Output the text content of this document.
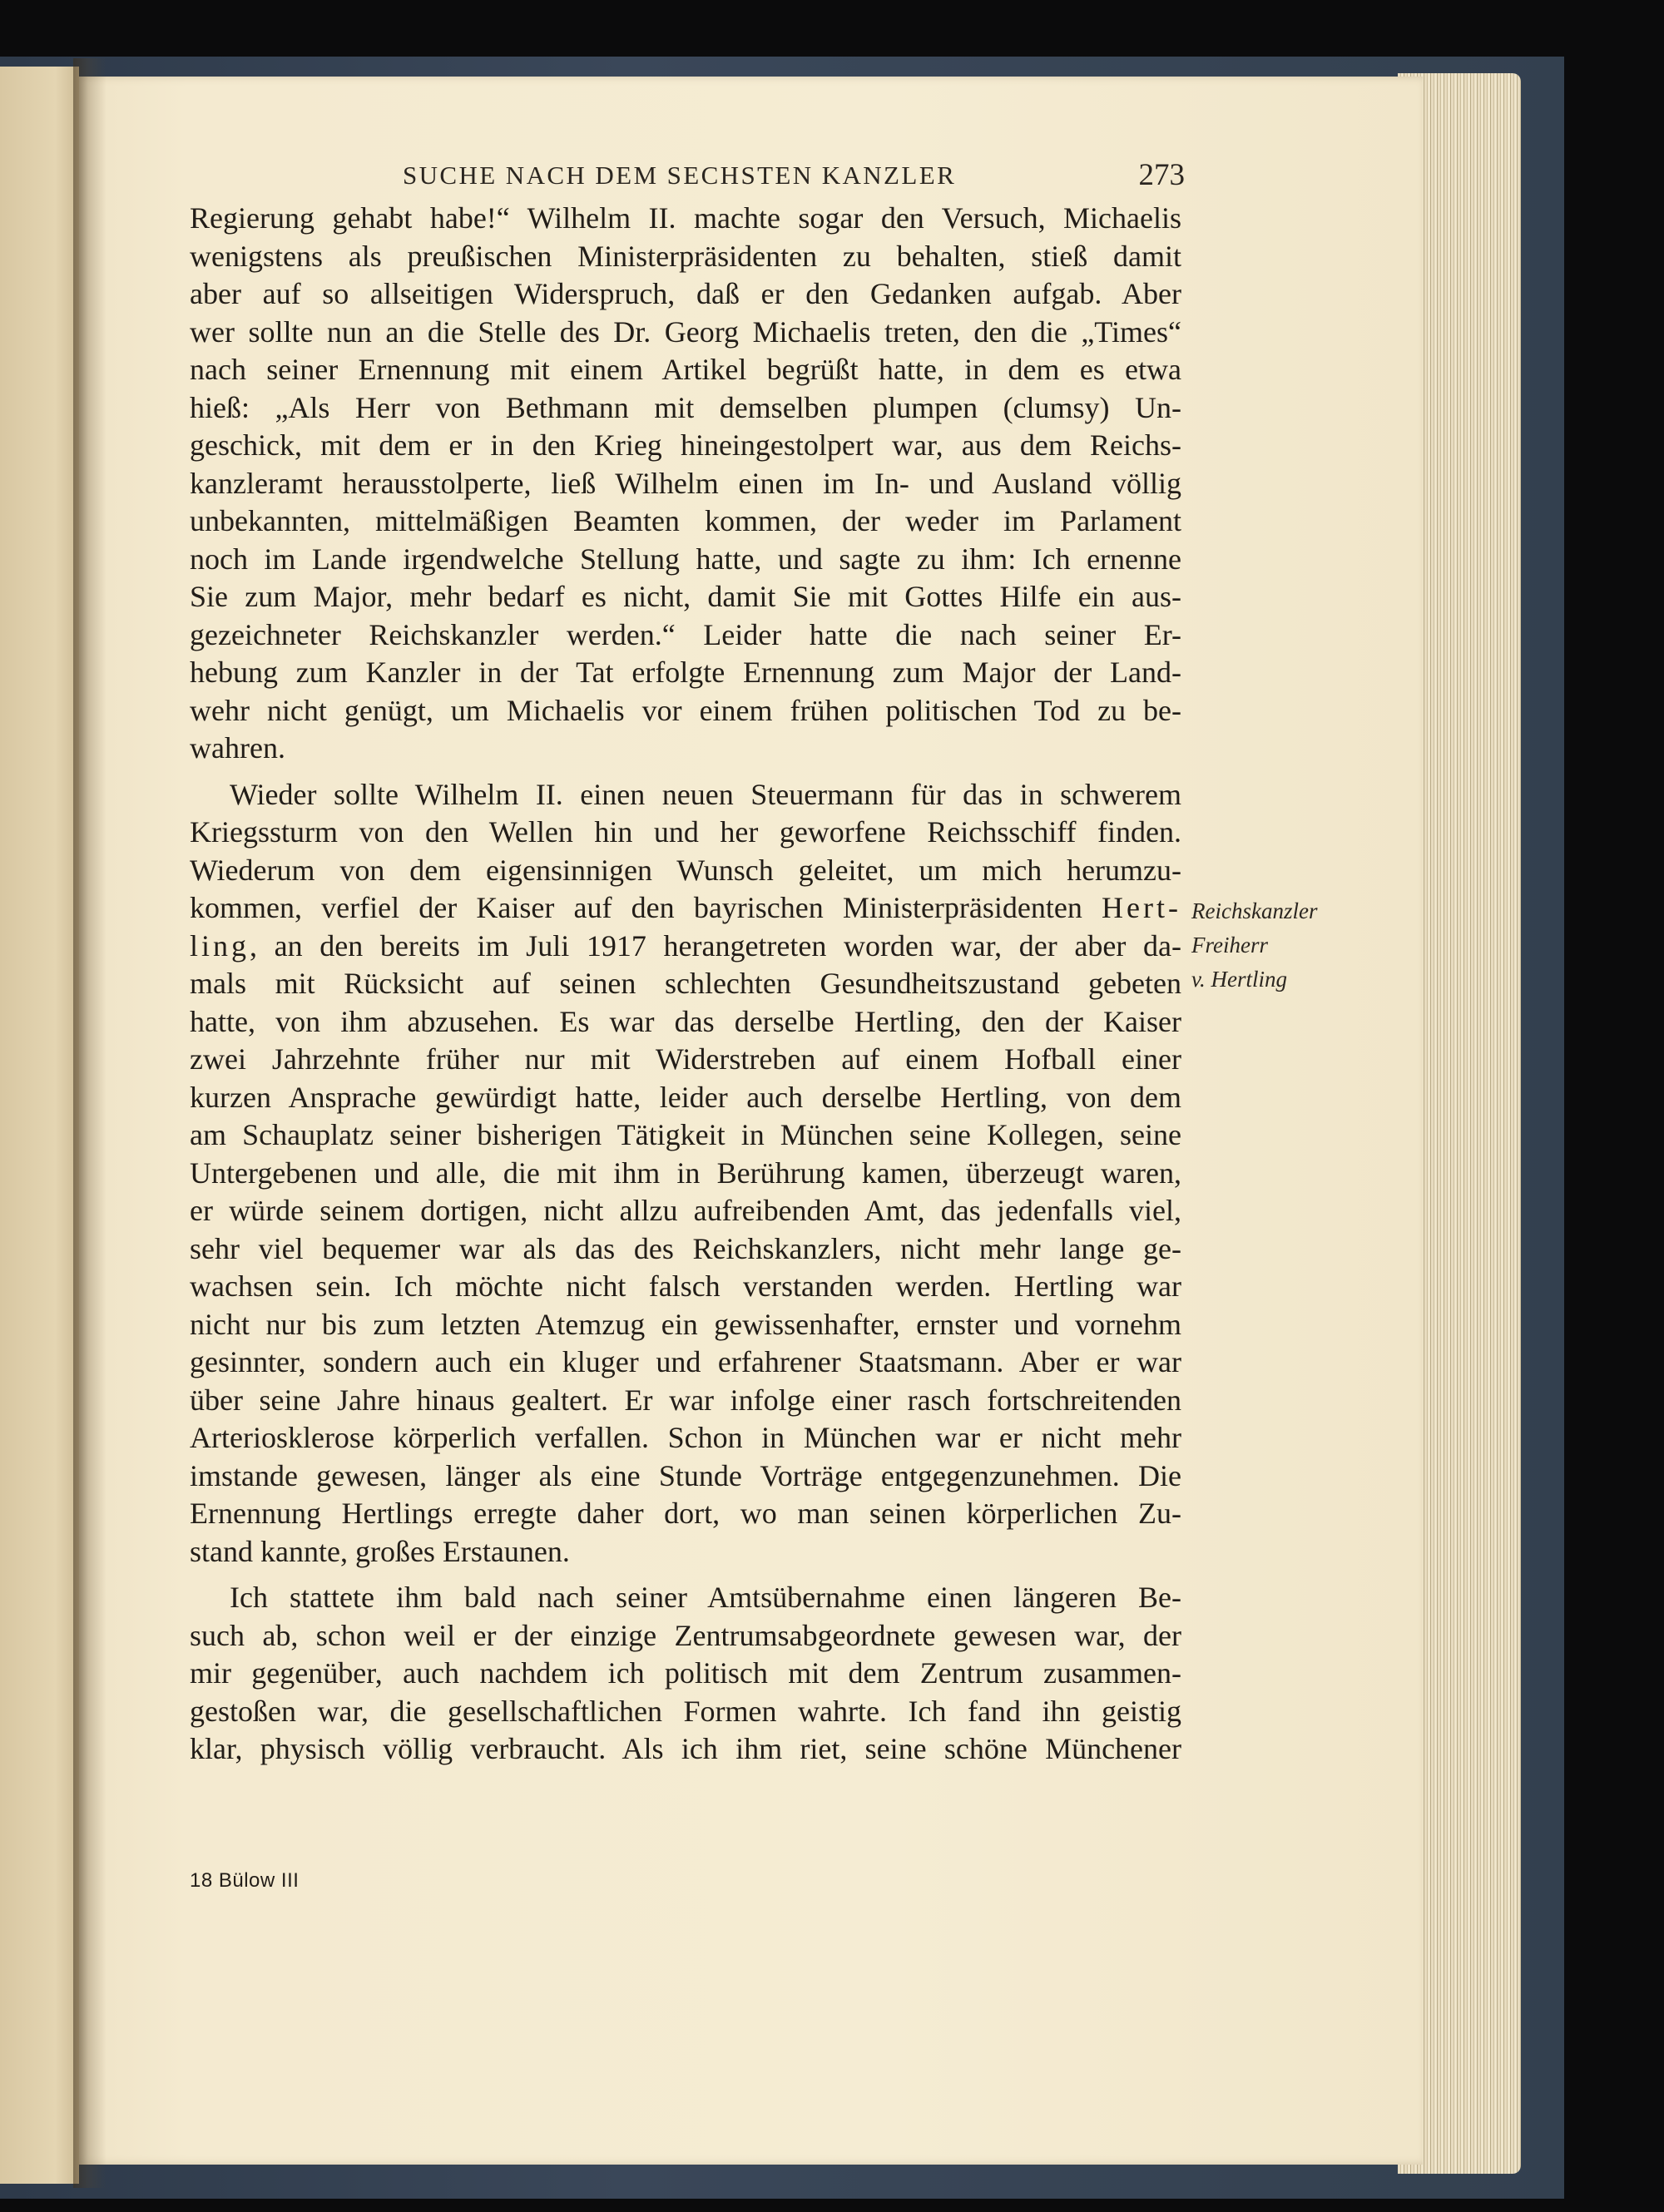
SUCHE NACH DEM SECHSTEN KANZLER	273
Regierung gehabt habe!“ Wilhelm II. machte sogar den Versuch, Michaelis
wenigstens als preußischen Ministerpräsidenten zu behalten, stieß damit
aber auf so allseitigen Widerspruch, daß er den Gedanken aufgab. Aber
wer sollte nun an die Stelle des Dr. Georg Michaelis treten, den die „Times“
nach seiner Ernennung mit einem Artikel begrüßt hatte, in dem es etwa
hieß: „Als Herr von Bethmann mit demselben plumpen (clumsy) Un-
geschick, mit dem er in den Krieg hineingestolpert war, aus dem Reichs-
kanzleramt herausstolperte, ließ Wilhelm einen im In- und Ausland völlig
unbekannten, mittelmäßigen Beamten kommen, der weder im Parlament
noch im Lande irgendwelche Stellung hatte, und sagte zu ihm: Ich ernenne
Sie zum Major, mehr bedarf es nicht, damit Sie mit Gottes Hilfe ein aus-
gezeichneter Reichskanzler werden.“ Leider hatte die nach seiner Er-
hebung zum Kanzler in der Tat erfolgte Ernennung zum Major der Land-
wehr nicht genügt, um Michaelis vor einem frühen politischen Tod zu be-
wahren.
Wieder sollte Wilhelm II. einen neuen Steuermann für das in schwerem
Kriegssturm von den Wellen hin und her geworfene Reichsschiff finden.
Wiederum von dem eigensinnigen Wunsch geleitet, um mich herumzu-
kommen, verfiel der Kaiser auf den bayrischen Ministerpräsidenten Hert-
ling, an den bereits im Juli 1917 herangetreten worden war, der aber da-
mals mit Rücksicht auf seinen schlechten Gesundheitszustand gebeten
hatte, von ihm abzusehen. Es war das derselbe Hertling, den der Kaiser
zwei Jahrzehnte früher nur mit Widerstreben auf einem Hofball einer
kurzen Ansprache gewürdigt hatte, leider auch derselbe Hertling, von dem
am Schauplatz seiner bisherigen Tätigkeit in München seine Kollegen, seine
Untergebenen und alle, die mit ihm in Berührung kamen, überzeugt waren,
er würde seinem dortigen, nicht allzu aufreibenden Amt, das jedenfalls viel,
sehr viel bequemer war als das des Reichskanzlers, nicht mehr lange ge-
wachsen sein. Ich möchte nicht falsch verstanden werden. Hertling war
nicht nur bis zum letzten Atemzug ein gewissenhafter, ernster und vornehm
gesinnter, sondern auch ein kluger und erfahrener Staatsmann. Aber er war
über seine Jahre hinaus gealtert. Er war infolge einer rasch fortschreitenden
Arteriosklerose körperlich verfallen. Schon in München war er nicht mehr
imstande gewesen, länger als eine Stunde Vorträge entgegenzunehmen. Die
Ernennung Hertlings erregte daher dort, wo man seinen körperlichen Zu-
stand kannte, großes Erstaunen.
Ich stattete ihm bald nach seiner Amtsübernahme einen längeren Be-
such ab, schon weil er der einzige Zentrumsabgeordnete gewesen war, der
mir gegenüber, auch nachdem ich politisch mit dem Zentrum zusammen-
gestoßen war, die gesellschaftlichen Formen wahrte. Ich fand ihn geistig
klar, physisch völlig verbraucht. Als ich ihm riet, seine schöne Münchener
Reichskanzler
Freiherr
v. Hertling
18 Bülow III
